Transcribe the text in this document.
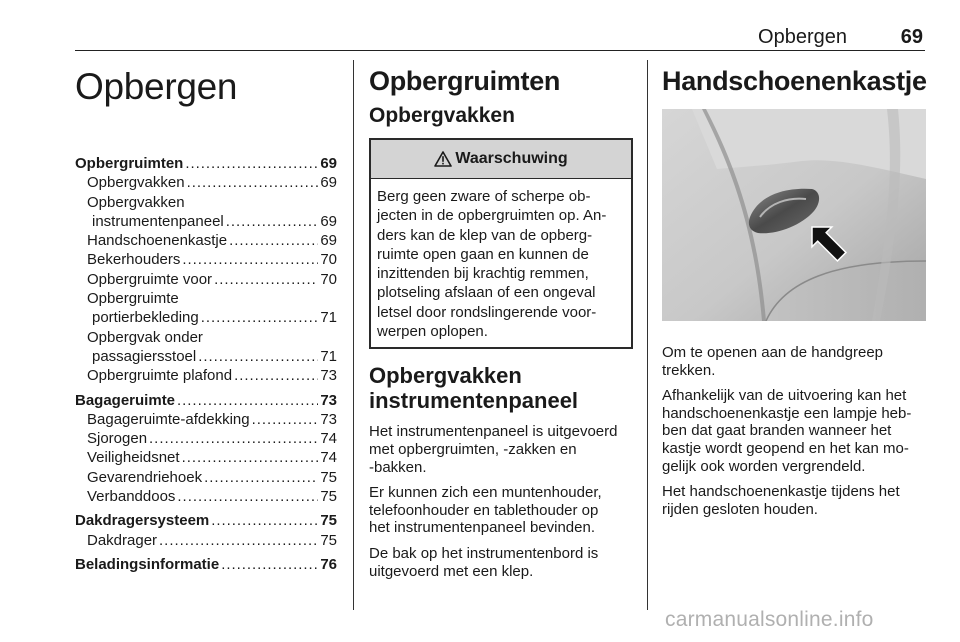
Opbergen	69
Opbergen
Opbergruimten . . .	69
Opbergvakken . . .	69
Opbergvakken
instrumentenpaneel . . .	69
Handschoenenkastje . . .	69
Bekerhouders . . .	70
Opbergruimte voor . . .	70
Opbergruimte
portierbekleding . . .	71
Opbergvak onder
passagiersstoel . . .	71
Opbergruimte plafond . . .	73
Bagageruimte . . .	73
Bagageruimte-afdekking . . .	73
Sjorogen . . .	74
Veiligheidsnet . . .	74
Gevarendriehoek . . .	75
Verbanddoos . . .	75
Dakdragersysteem . . .	75
Dakdrager . . .	75
Beladingsinformatie . . .	76
Opbergruimten
Opbergvakken
Waarschuwing
Berg geen zware of scherpe ob-
jecten in de opbergruimten op. An-
ders kan de klep van de opberg-
ruimte open gaan en kunnen de
inzittenden bij krachtig remmen,
plotseling afslaan of een ongeval
letsel door rondslingerende voor-
werpen oplopen.
Opbergvakken
instrumentenpaneel
Het instrumentenpaneel is uitgevoerd
met opbergruimten, -zakken en
-bakken.
Er kunnen zich een muntenhouder,
telefoonhouder en tablethouder op
het instrumentenpaneel bevinden.
De bak op het instrumentenbord is
uitgevoerd met een klep.
Handschoenenkastje
Om te openen aan de handgreep
trekken.
Afhankelijk van de uitvoering kan het
handschoenenkastje een lampje heb-
ben dat gaat branden wanneer het
kastje wordt geopend en het kan mo-
gelijk ook worden vergrendeld.
Het handschoenenkastje tijdens het
rijden gesloten houden.
carmanualsonline.info
